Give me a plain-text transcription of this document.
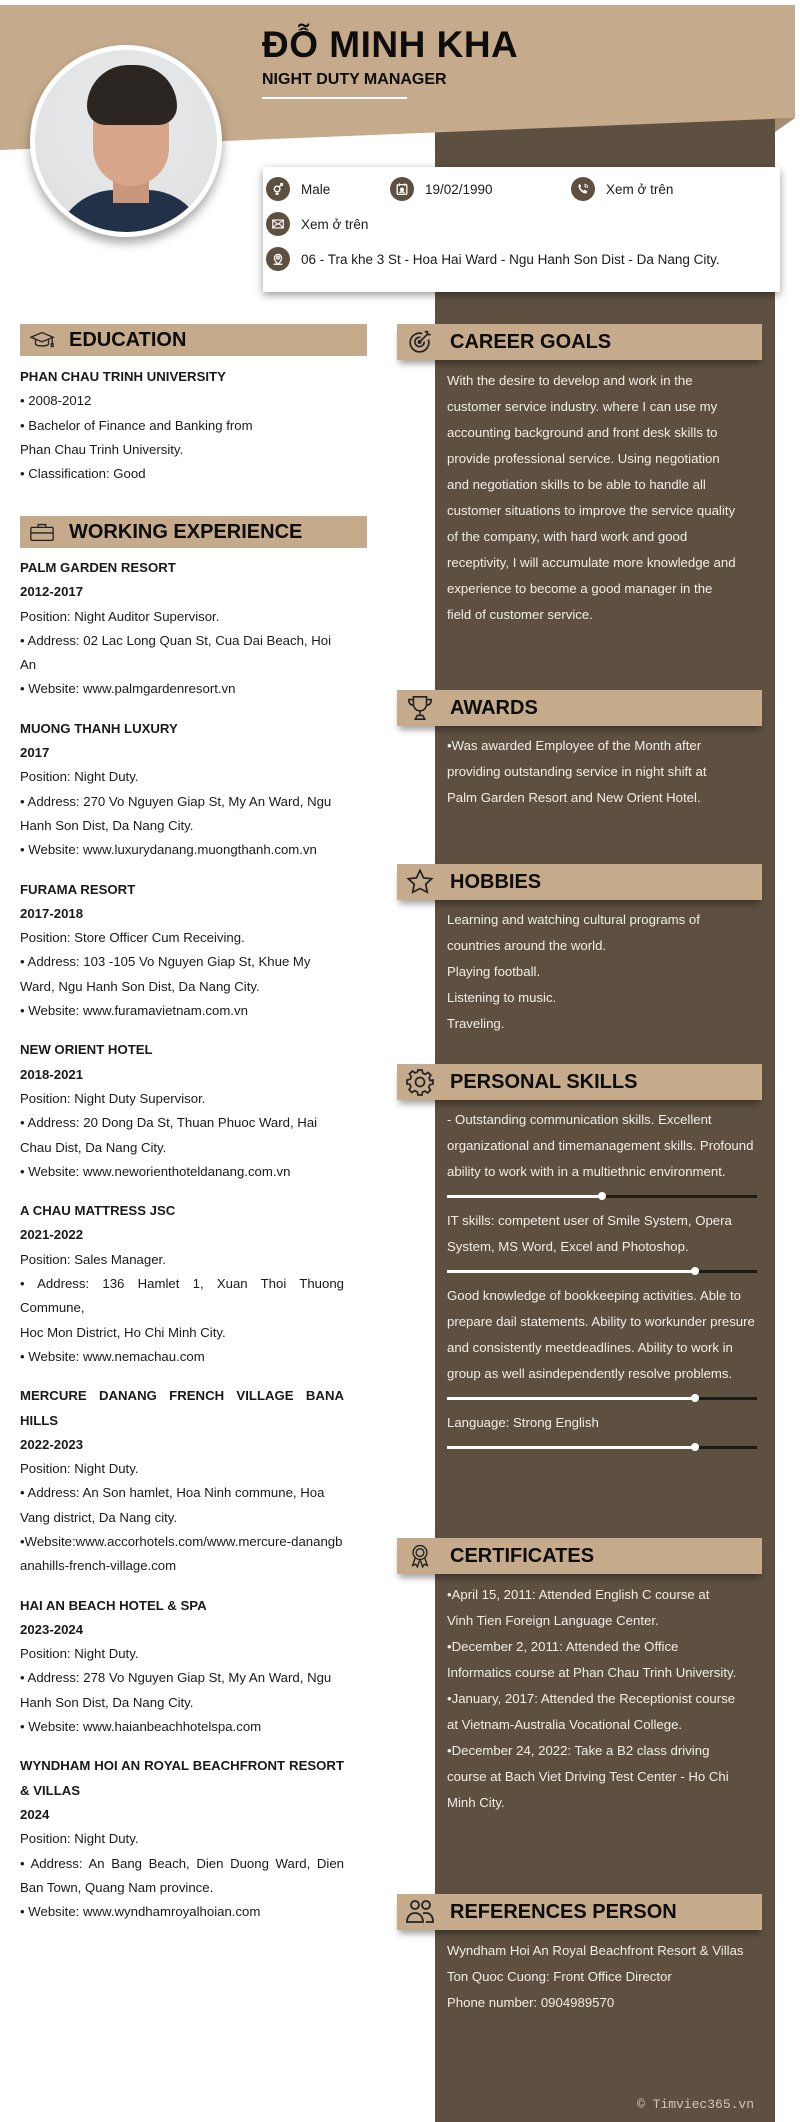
ĐỖ MINH KHA
NIGHT DUTY MANAGER
Male	19/02/1990	Xem ở trên
Xem ở trên
06 - Tra khe 3 St - Hoa Hai Ward - Ngu Hanh Son Dist - Da Nang City.
EDUCATION
PHAN CHAU TRINH UNIVERSITY
• 2008-2012
• Bachelor of Finance and Banking from
Phan Chau Trinh University.
• Classification: Good
WORKING EXPERIENCE
PALM GARDEN RESORT
2012-2017
Position: Night Auditor Supervisor.
• Address: 02 Lac Long Quan St, Cua Dai Beach, Hoi An
• Website: www.palmgardenresort.vn
MUONG THANH LUXURY
2017
Position: Night Duty.
• Address: 270 Vo Nguyen Giap St, My An Ward, Ngu Hanh Son Dist, Da Nang City.
• Website: www.luxurydanang.muongthanh.com.vn
FURAMA RESORT
2017-2018
Position: Store Officer Cum Receiving.
• Address: 103 -105 Vo Nguyen Giap St, Khue My Ward, Ngu Hanh Son Dist, Da Nang City.
• Website: www.furamavietnam.com.vn
NEW ORIENT HOTEL
2018-2021
Position: Night Duty Supervisor.
• Address: 20 Dong Da St, Thuan Phuoc Ward, Hai Chau Dist, Da Nang City.
• Website: www.neworienthoteldanang.com.vn
A CHAU MATTRESS JSC
2021-2022
Position: Sales Manager.
• Address: 136 Hamlet 1, Xuan Thoi Thuong Commune,
Hoc Mon District, Ho Chi Minh City.
• Website: www.nemachau.com
MERCURE DANANG FRENCH VILLAGE BANA HILLS
2022-2023
Position: Night Duty.
• Address: An Son hamlet, Hoa Ninh commune, Hoa Vang district, Da Nang city.
•Website:www.accorhotels.com/www.mercure-danangb anahills-french-village.com
HAI AN BEACH HOTEL & SPA
2023-2024
Position: Night Duty.
• Address: 278 Vo Nguyen Giap St, My An Ward, Ngu Hanh Son Dist, Da Nang City.
• Website: www.haianbeachhotelspa.com
WYNDHAM HOI AN ROYAL BEACHFRONT RESORT & VILLAS
2024
Position: Night Duty.
• Address: An Bang Beach, Dien Duong Ward, Dien Ban Town, Quang Nam province.
• Website: www.wyndhamroyalhoian.com
CAREER GOALS
With the desire to develop and work in the customer service industry. where I can use my accounting background and front desk skills to provide professional service. Using negotiation and negotiation skills to be able to handle all customer situations to improve the service quality of the company, with hard work and good receptivity, I will accumulate more knowledge and experience to become a good manager in the field of customer service.
AWARDS
•Was awarded Employee of the Month after providing outstanding service in night shift at Palm Garden Resort and New Orient Hotel.
HOBBIES
Learning and watching cultural programs of countries around the world.
Playing football.
Listening to music.
Traveling.
PERSONAL SKILLS
- Outstanding communication skills. Excellent organizational and timemanagement skills. Profound ability to work with in a multiethnic environment.
IT skills: competent user of Smile System, Opera System, MS Word, Excel and Photoshop.
Good knowledge of bookkeeping activities. Able to prepare dail statements. Ability to workunder presure and consistently meetdeadlines. Ability to work in group as well asindependently resolve problems.
Language: Strong English
CERTIFICATES
•April 15, 2011: Attended English C course at Vinh Tien Foreign Language Center.
•December 2, 2011: Attended the Office Informatics course at Phan Chau Trinh University.
•January, 2017: Attended the Receptionist course at Vietnam-Australia Vocational College.
•December 24, 2022: Take a B2 class driving course at Bach Viet Driving Test Center - Ho Chi Minh City.
REFERENCES PERSON
Wyndham Hoi An Royal Beachfront Resort & Villas
Ton Quoc Cuong: Front Office Director
Phone number: 0904989570
© Timviec365.vn
